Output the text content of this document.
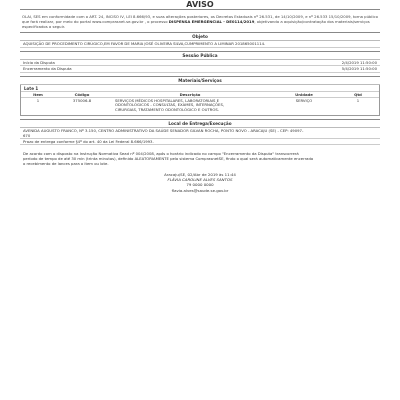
AVISO
OLAI, SES em conformidade com o ART. 24, INCISO IV, LEI 8.666/93, e suas alterações posteriores, os Decretos Estaduais nº 26.531, de 14/10/2009, e nº 26.533 15/10/2009, torna público que fará realizar, por meio do portal www.comprasnet.se.gov.br , o processo DISPENSA EMERGENCIAL - DE0114/2019, objetivando a aquisição/contratação dos materiais/serviços especificados a seguir.
Objeto
AQUISIÇÃO DE PROCEDIMENTO CIRÚGICO,EM FAVOR DE MARIA JOSÉ OLIVEIRA SILVA,CUMPRIMENTO A LIMINAR 201865001114.
Sessão Pública
Início da Disputa	2/4/2019 11:50:00
Encerramento da Disputa	5/4/2019 11:50:00
Materiais/Serviços
Lote 1
Item	Código	Descrição	Unidade	Qtd
1	375006-8	SERVIÇOS MÉDICOS HOSPITALARES, LABORATORIAIS E
ODONTOLÓGICOS - CONSULTAS, EXAMES, INTERNAÇÕES,
CIRURGIAS, TRATAMENTO ODONTOLÓGICO E OUTROS.
SERVIÇO	1
Local de Entrega/Execução
AVENIDA AUGUSTO FRANCO, Nº 3.150, CENTRO ADMINISTRATIVO DA SAÚDE SENADOR GILVAN ROCHA, PONTO NOVO - ARACAJU (SE) - CEP: 49097-
670
Prazo de entrega conforme §4º do art. 40 da Lei Federal 8.666/1993.
De acordo com o disposto na Instrução Normativa Sead nº 004/2008, após o horário indicado no campo "Encerramento da Disputa" transcorrerá
período de tempo de até 30 min (trinta minutos), definido ALEATORIAMENTE pelo sistema ComprasnetSE, findo o qual será automaticamente encerrado
o recebimento de lances para o item ou lote.
Aracaju/SE, 02/Abr de 2019 às 11:44
FLÁVIA CAROLINE ALVES SANTOS
79 0000 0000
flavia.alves@saude.se.gov.br
